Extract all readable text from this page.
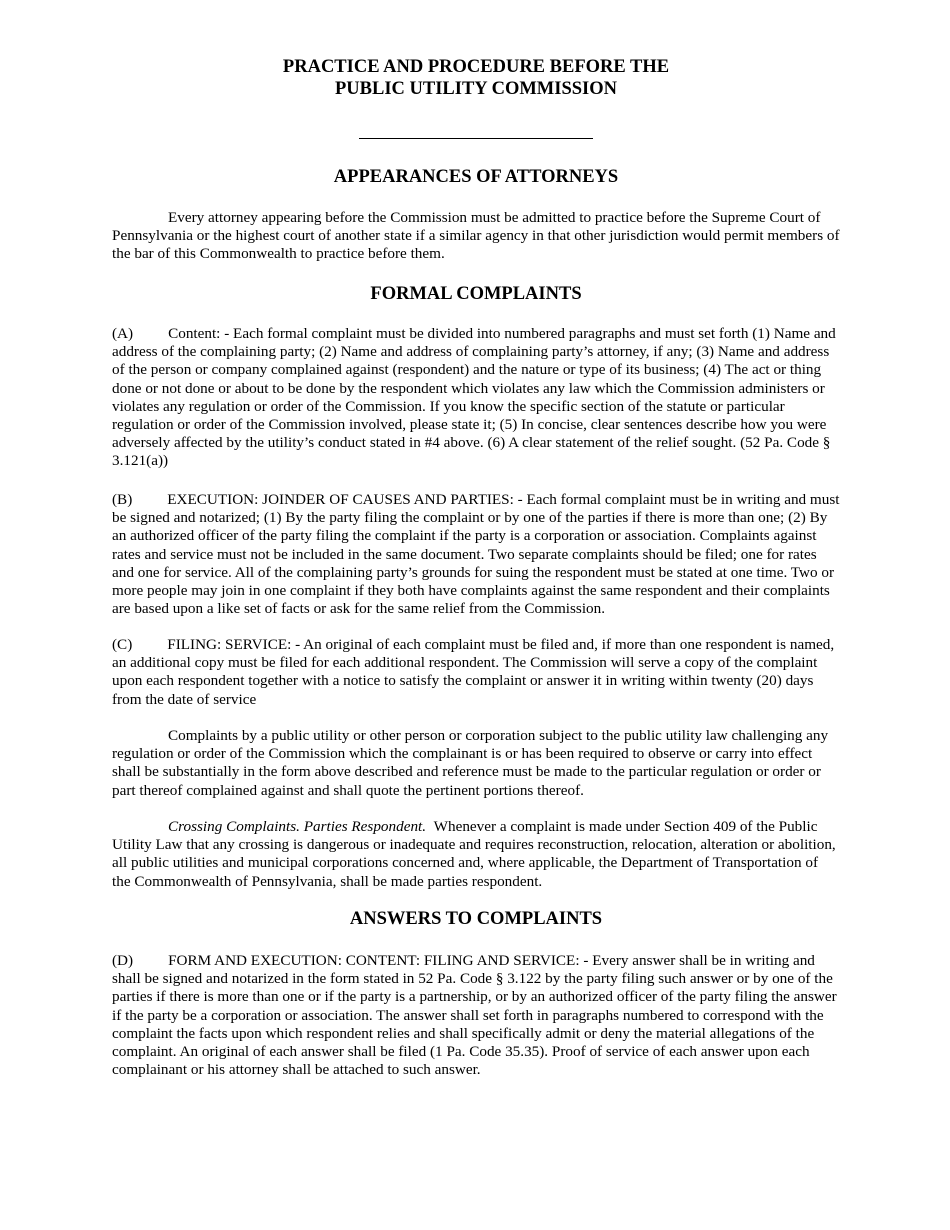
PRACTICE AND PROCEDURE BEFORE THE
PUBLIC UTILITY COMMISSION
APPEARANCES OF ATTORNEYS
Every attorney appearing before the Commission must be admitted to practice before the Supreme Court of Pennsylvania or the highest court of another state if a similar agency in that other jurisdiction would permit members of the bar of this Commonwealth to practice before them.
FORMAL COMPLAINTS
(A) Content: - Each formal complaint must be divided into numbered paragraphs and must set forth (1) Name and address of the complaining party; (2) Name and address of complaining party’s attorney, if any; (3) Name and address of the person or company complained against (respondent) and the nature or type of its business; (4) The act or thing done or not done or about to be done by the respondent which violates any law which the Commission administers or violates any regulation or order of the Commission. If you know the specific section of the statute or particular regulation or order of the Commission involved, please state it; (5) In concise, clear sentences describe how you were adversely affected by the utility’s conduct stated in #4 above. (6) A clear statement of the relief sought. (52 Pa. Code § 3.121(a))
(B) EXECUTION: JOINDER OF CAUSES AND PARTIES: - Each formal complaint must be in writing and must be signed and notarized; (1) By the party filing the complaint or by one of the parties if there is more than one; (2) By an authorized officer of the party filing the complaint if the party is a corporation or association. Complaints against rates and service must not be included in the same document. Two separate complaints should be filed; one for rates and one for service. All of the complaining party’s grounds for suing the respondent must be stated at one time. Two or more people may join in one complaint if they both have complaints against the same respondent and their complaints are based upon a like set of facts or ask for the same relief from the Commission.
(C) FILING: SERVICE: - An original of each complaint must be filed and, if more than one respondent is named, an additional copy must be filed for each additional respondent. The Commission will serve a copy of the complaint upon each respondent together with a notice to satisfy the complaint or answer it in writing within twenty (20) days from the date of service
Complaints by a public utility or other person or corporation subject to the public utility law challenging any regulation or order of the Commission which the complainant is or has been required to observe or carry into effect shall be substantially in the form above described and reference must be made to the particular regulation or order or part thereof complained against and shall quote the pertinent portions thereof.
Crossing Complaints. Parties Respondent. Whenever a complaint is made under Section 409 of the Public Utility Law that any crossing is dangerous or inadequate and requires reconstruction, relocation, alteration or abolition, all public utilities and municipal corporations concerned and, where applicable, the Department of Transportation of the Commonwealth of Pennsylvania, shall be made parties respondent.
ANSWERS TO COMPLAINTS
(D) FORM AND EXECUTION: CONTENT: FILING AND SERVICE: - Every answer shall be in writing and shall be signed and notarized in the form stated in 52 Pa. Code § 3.122 by the party filing such answer or by one of the parties if there is more than one or if the party is a partnership, or by an authorized officer of the party filing the answer if the party be a corporation or association. The answer shall set forth in paragraphs numbered to correspond with the complaint the facts upon which respondent relies and shall specifically admit or deny the material allegations of the complaint. An original of each answer shall be filed (1 Pa. Code 35.35). Proof of service of each answer upon each complainant or his attorney shall be attached to such answer.
